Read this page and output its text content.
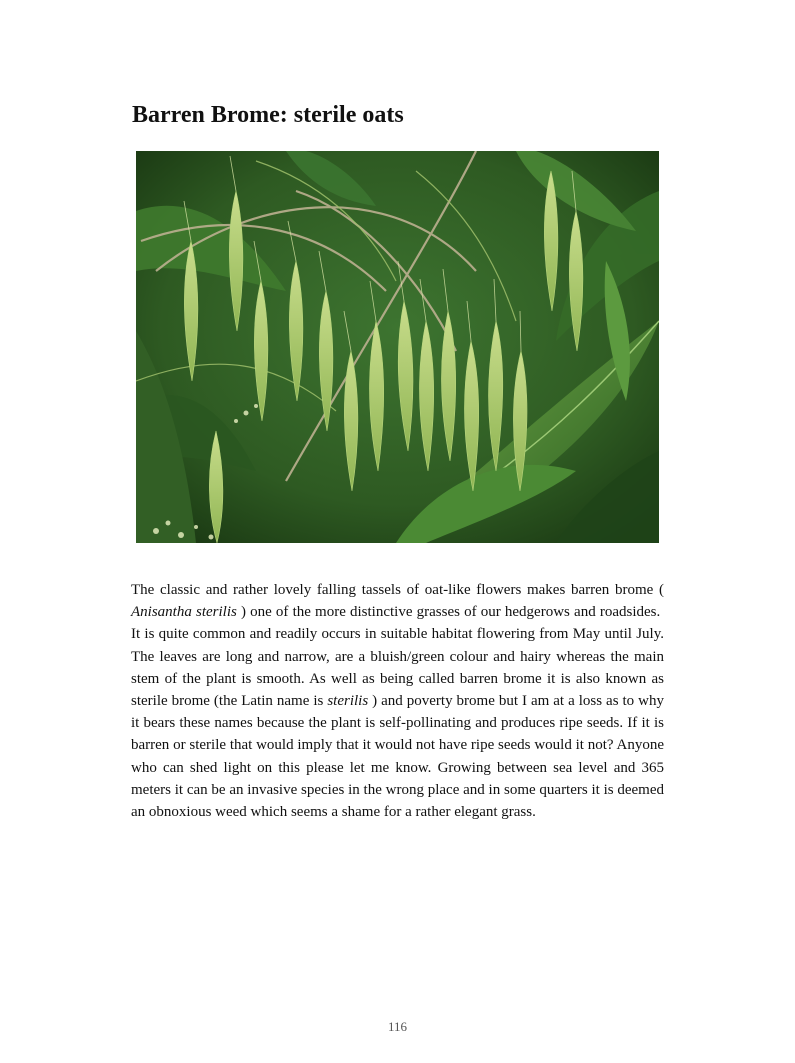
Barren Brome: sterile oats

The classic and rather lovely falling tassels of oat-like flowers makes barren brome ( Anisantha sterilis ) one of the more distinctive grasses of our hedgerows and roadsides.  It is quite common and readily occurs in suitable habitat flowering from May until July. The leaves are long and narrow, are a bluish/green colour and hairy whereas the main stem of the plant is smooth. As well as being called barren brome it is also known as sterile brome (the Latin name is sterilis ) and poverty brome but I am at a loss as to why it bears these names because the plant is self-pollinating and produces ripe seeds. If it is barren or sterile that would imply that it would not have ripe seeds would it not? Anyone who can shed light on this please let me know. Growing between sea level and 365 meters it can be an invasive species in the wrong place and in some quarters it is deemed an obnoxious weed which seems a shame for a rather elegant grass.

116
